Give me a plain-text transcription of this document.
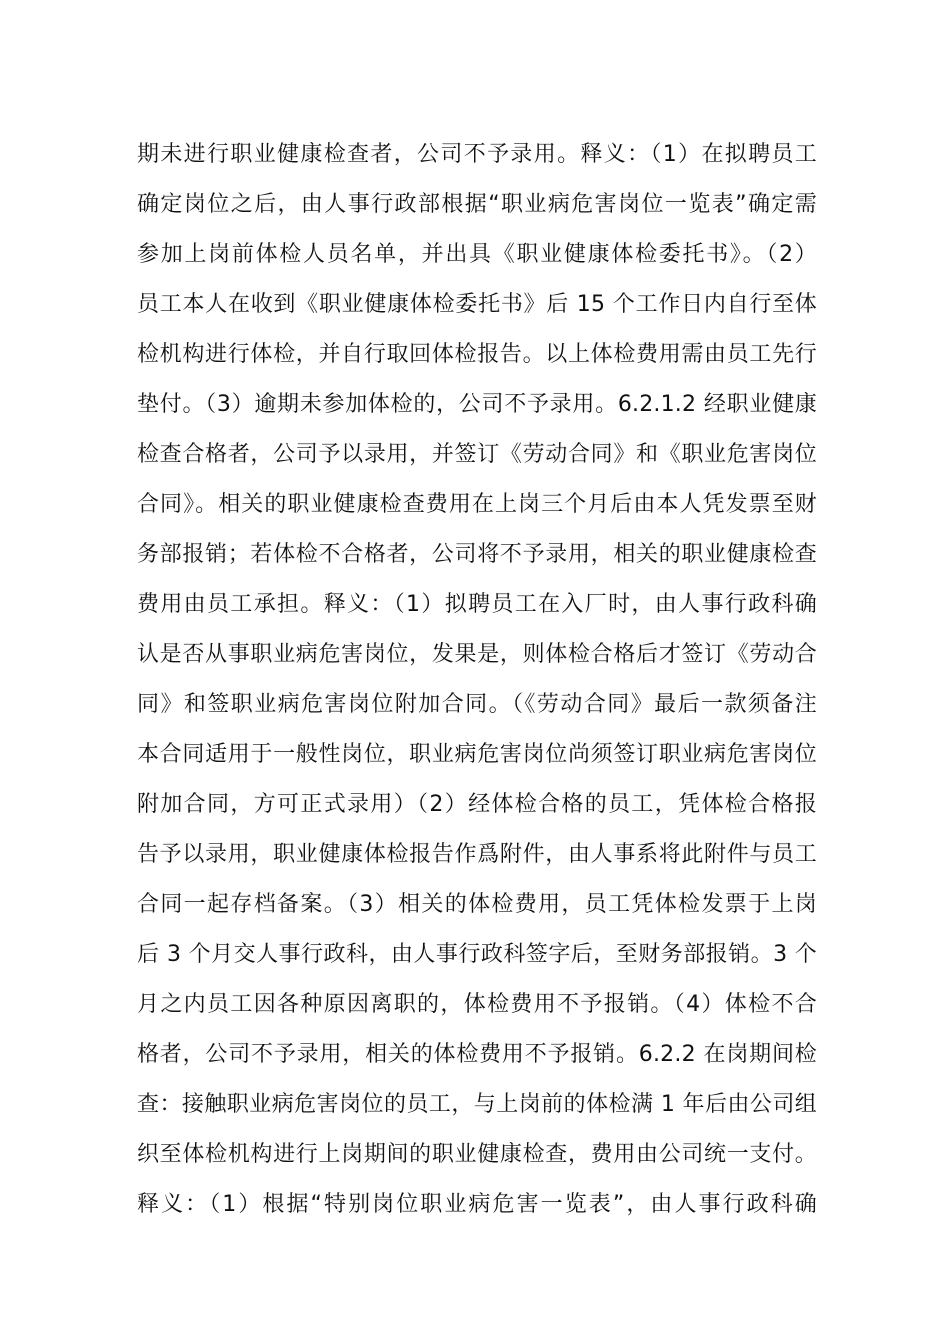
期未进行职业健康检查者，公司不予录用。释义：（1）在拟聘员工
确定岗位之后，由人事行政部根据“职业病危害岗位一览表”确定需
参加上岗前体检人员名单，并出具《职业健康体检委托书》。（2）
员工本人在收到《职业健康体检委托书》后 15 个工作日内自行至体
检机构进行体检，并自行取回体检报告。以上体检费用需由员工先行
垫付。（3）逾期未参加体检的，公司不予录用。6.2.1.2 经职业健康
检查合格者，公司予以录用，并签订《劳动合同》和《职业危害岗位
合同》。相关的职业健康检查费用在上岗三个月后由本人凭发票至财
务部报销；若体检不合格者，公司将不予录用，相关的职业健康检查
费用由员工承担。释义：（1）拟聘员工在入厂时，由人事行政科确
认是否从事职业病危害岗位，发果是，则体检合格后才签订《劳动合
同》和签职业病危害岗位附加合同。（《劳动合同》最后一款须备注
本合同适用于一般性岗位，职业病危害岗位尚须签订职业病危害岗位
附加合同，方可正式录用）（2）经体检合格的员工，凭体检合格报
告予以录用，职业健康体检报告作爲附件，由人事系将此附件与员工
合同一起存档备案。（3）相关的体检费用，员工凭体检发票于上岗
后 3 个月交人事行政科，由人事行政科签字后，至财务部报销。3 个
月之内员工因各种原因离职的，体检费用不予报销。（4）体检不合
格者，公司不予录用，相关的体检费用不予报销。6.2.2 在岗期间检
查：接触职业病危害岗位的员工，与上岗前的体检满 1 年后由公司组
织至体检机构进行上岗期间的职业健康检查，费用由公司统一支付。
释义：（1）根据“特别岗位职业病危害一览表”，由人事行政科确
